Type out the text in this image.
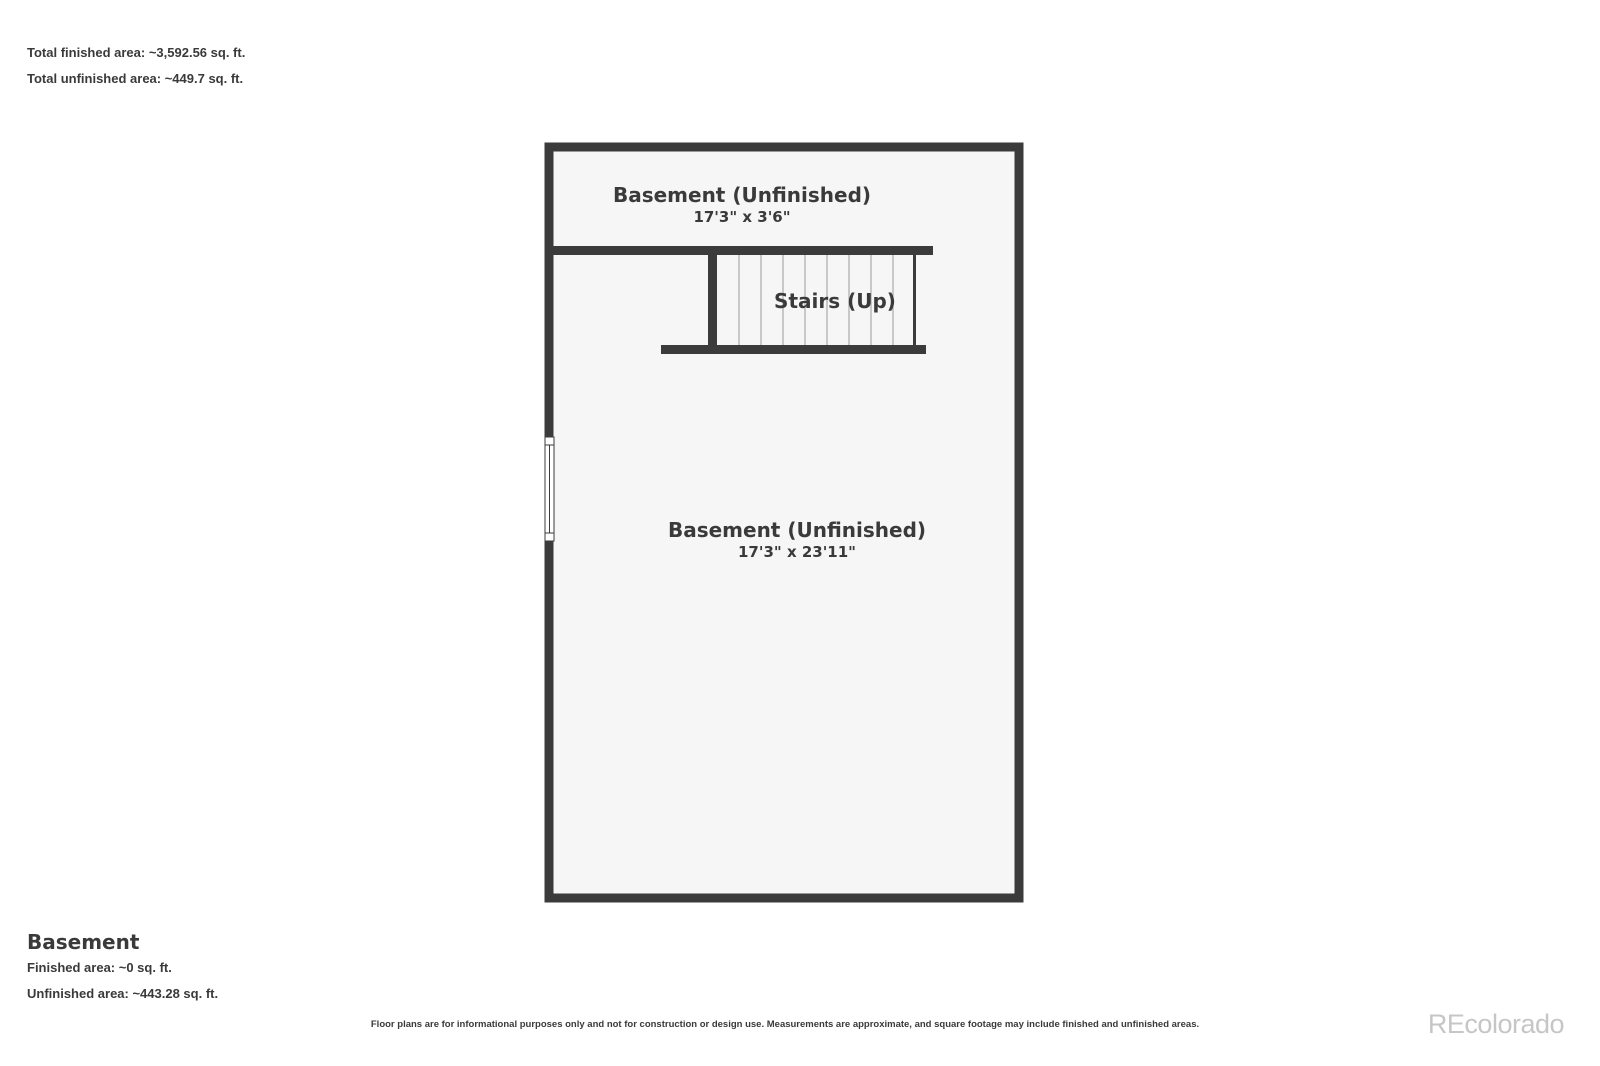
Total finished area: ~3,592.56 sq. ft.
Total unfinished area: ~449.7 sq. ft.
Basement (Unfinished)
17'3" x 3'6"
Stairs (Up)
Basement (Unfinished)
17'3" x 23'11"
Basement
Finished area: ~0 sq. ft.
Unfinished area: ~443.28 sq. ft.
Floor plans are for informational purposes only and not for construction or design use. Measurements are approximate, and square footage may include finished and unfinished areas.	REcolorado
